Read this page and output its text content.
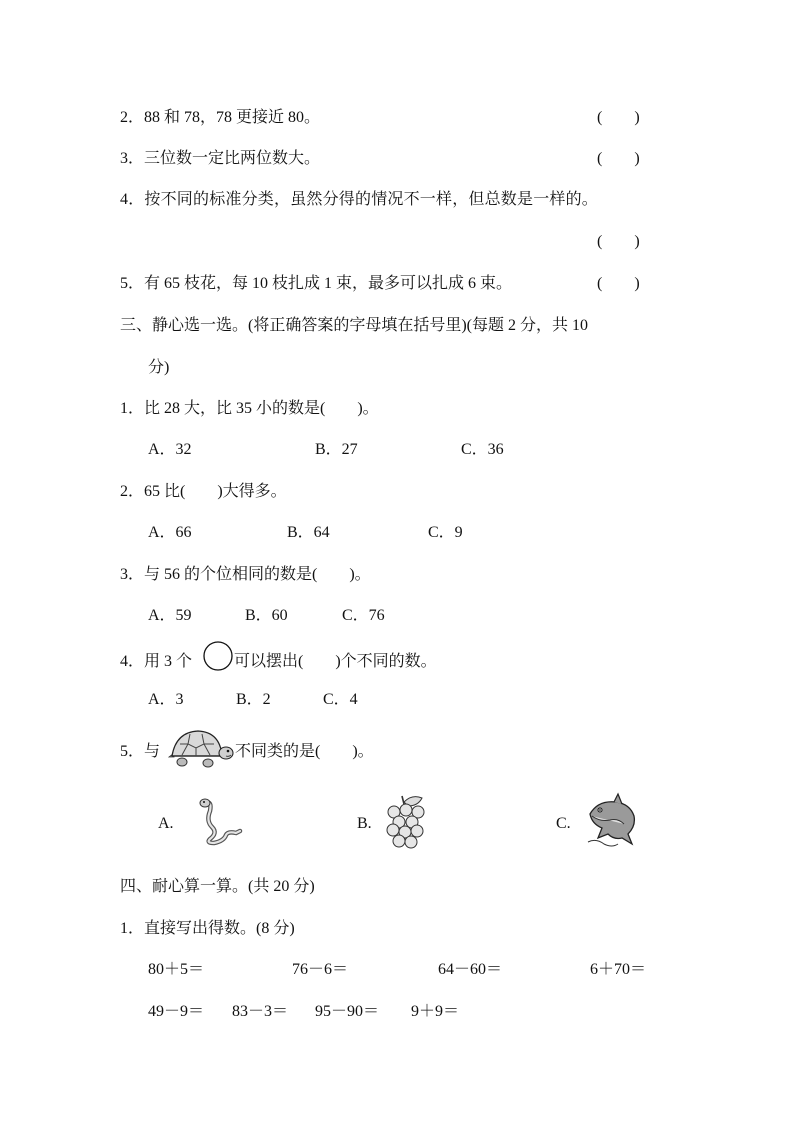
2．88 和 78，78 更接近 80。	(　　)
3．三位数一定比两位数大。	(　　)
4．按不同的标准分类，虽然分得的情况不一样，但总数是一样的。
(　　)
5．有 65 枝花，每 10 枝扎成 1 束，最多可以扎成 6 束。	(　　)
三、静心选一选。(将正确答案的字母填在括号里)(每题 2 分，共 10
分)
1．比 28 大，比 35 小的数是(　　)。
A．32	B．27	C．36
2．65 比(　　)大得多。
A．66	B．64	C．9
3．与 56 的个位相同的数是(　　)。
A．59	B．60	C．76
4．用 3 个	可以摆出(　　)个不同的数。
A．3	B．2	C．4
5．与	不同类的是(　　)。
A.	B.	C.
四、耐心算一算。(共 20 分)
1．直接写出得数。(8 分)
80＋5＝	76－6＝	64－60＝	6＋70＝
49－9＝ 83－3＝ 95－90＝ 9＋9＝
